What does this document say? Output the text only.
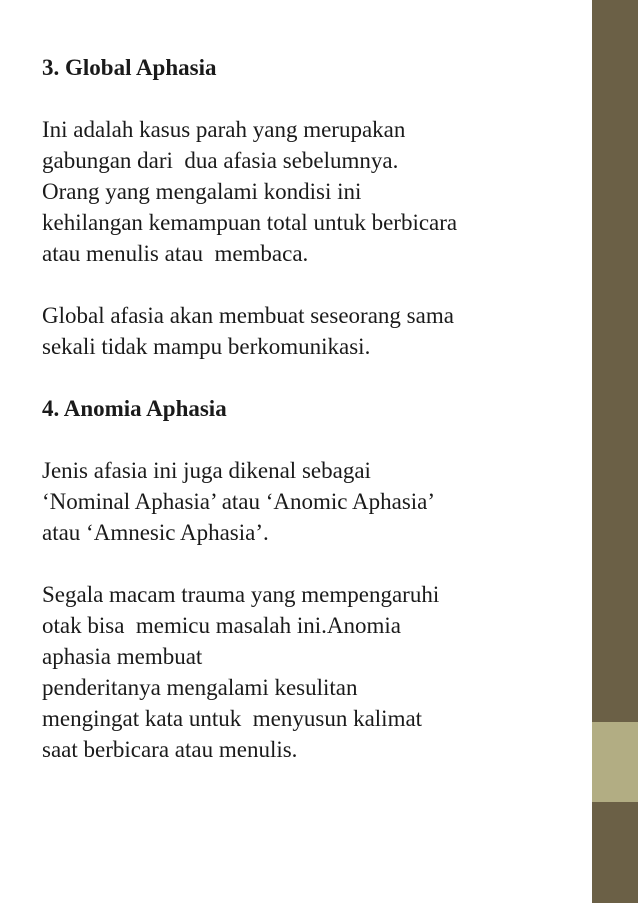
3. Global Aphasia
Ini adalah kasus parah yang merupakan
gabungan dari  dua afasia sebelumnya.
Orang yang mengalami kondisi ini
kehilangan kemampuan total untuk berbicara
atau menulis atau  membaca.
Global afasia akan membuat seseorang sama
sekali tidak mampu berkomunikasi.
4. Anomia Aphasia
Jenis afasia ini juga dikenal sebagai
‘Nominal Aphasia’ atau ‘Anomic Aphasia’
atau ‘Amnesic Aphasia’.
Segala macam trauma yang mempengaruhi
otak bisa  memicu masalah ini.Anomia
aphasia membuat
penderitanya mengalami kesulitan
mengingat kata untuk  menyusun kalimat
saat berbicara atau menulis.
